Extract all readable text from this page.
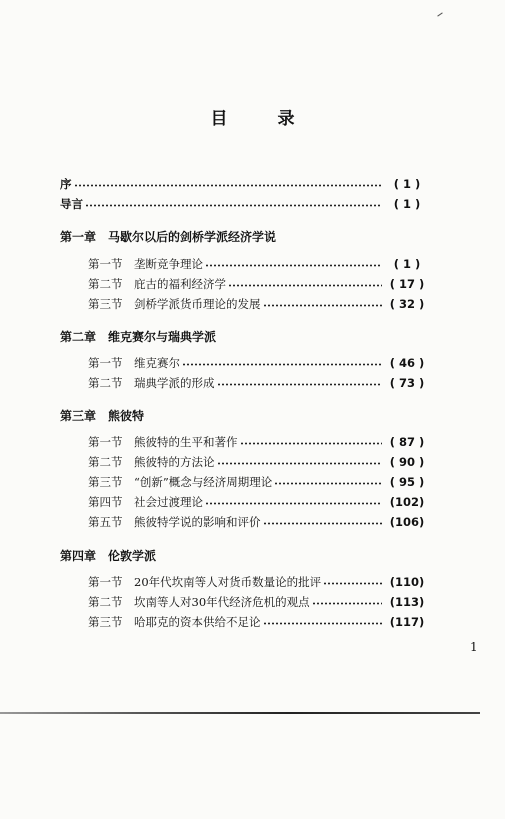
目 录
序	( 1 )
导言	( 1 )
第一章 马歇尔以后的剑桥学派经济学说
第一节	垄断竞争理论	( 1 )
第二节	庇古的福利经济学	( 17 )
第三节	剑桥学派货币理论的发展	( 32 )
第二章 维克赛尔与瑞典学派
第一节	维克赛尔	( 46 )
第二节	瑞典学派的形成	( 73 )
第三章 熊彼特
第一节	熊彼特的生平和著作	( 87 )
第二节	熊彼特的方法论	( 90 )
第三节	“创新”概念与经济周期理论	( 95 )
第四节	社会过渡理论	(102)
第五节	熊彼特学说的影响和评价	(106)
第四章 伦敦学派
第一节	20年代坎南等人对货币数量论的批评	(110)
第二节	坎南等人对30年代经济危机的观点	(113)
第三节	哈耶克的资本供给不足论	(117)
1
